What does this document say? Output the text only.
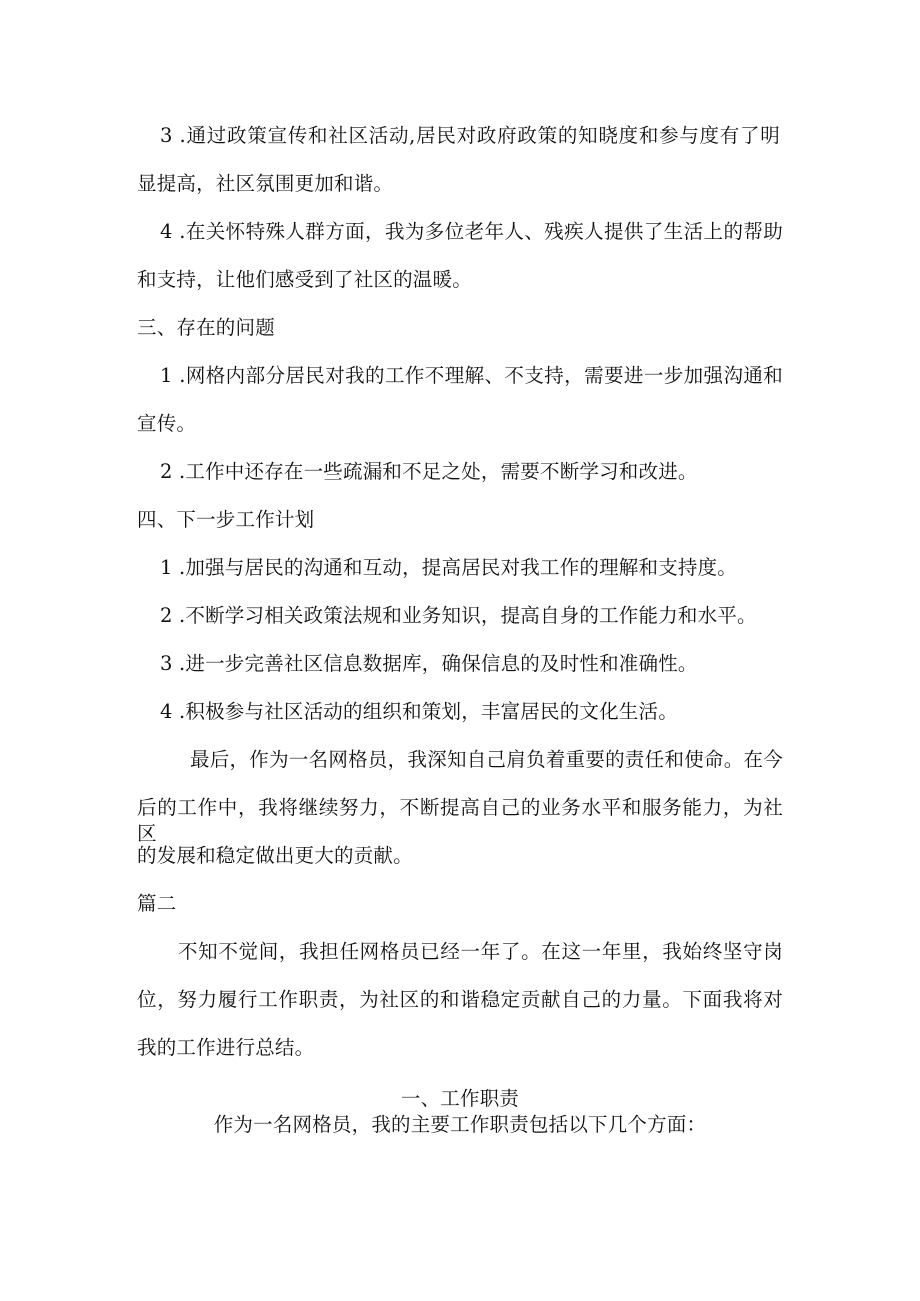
3 .通过政策宣传和社区活动,居民对政府政策的知晓度和参与度有了明
显提高，社区氛围更加和谐。
4 .在关怀特殊人群方面，我为多位老年人、残疾人提供了生活上的帮助
和支持，让他们感受到了社区的温暖。
三、存在的问题
1 .网格内部分居民对我的工作不理解、不支持，需要进一步加强沟通和
宣传。
2 .工作中还存在一些疏漏和不足之处，需要不断学习和改进。
四、下一步工作计划
1 .加强与居民的沟通和互动，提高居民对我工作的理解和支持度。
2 .不断学习相关政策法规和业务知识，提高自身的工作能力和水平。
3 .进一步完善社区信息数据库，确保信息的及时性和准确性。
4 .积极参与社区活动的组织和策划，丰富居民的文化生活。
最后，作为一名网格员，我深知自己肩负着重要的责任和使命。在今
后的工作中，我将继续努力，不断提高自己的业务水平和服务能力，为社区
的发展和稳定做出更大的贡献。
篇二
不知不觉间，我担任网格员已经一年了。在这一年里，我始终坚守岗
位，努力履行工作职责，为社区的和谐稳定贡献自己的力量。下面我将对
我的工作进行总结。
一、工作职责
作为一名网格员，我的主要工作职责包括以下几个方面：
